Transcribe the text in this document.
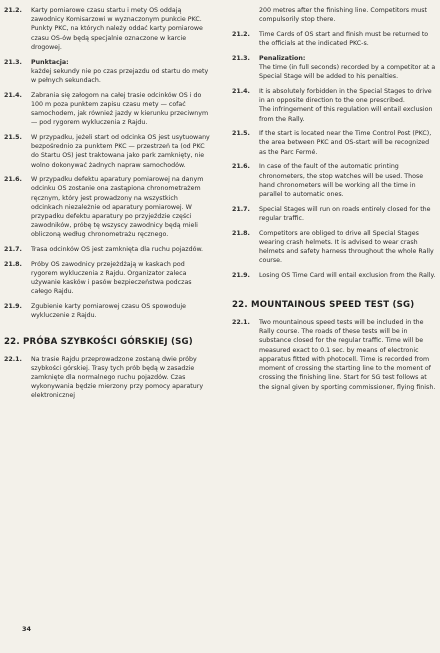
21.2.	Karty pomiarowe czasu startu i mety OS oddają zawodnicy Komisarzowi w wyznaczonym punkcie PKC. Punkty PKC, na których należy oddać karty pomiarowe czasu OS-ów będą specjalnie oznaczone w karcie drogowej.

21.3.	Punktacja:

każdej sekundy nie po czas przejazdu od startu do mety w pełnych sekundach.

21.4.	Zabrania się załogom na całej trasie odcinków OS i do 100 m poza punktem zapisu czasu mety — cofać samochodem, jak również jazdy w kierunku przeciwnym — pod rygorem wykluczenia z Rajdu.

21.5.	W przypadku, jeżeli start od odcinka OS jest usytuowany bezpośrednio za punktem PKC — przestrzeń ta (od PKC do Startu OS) jest traktowana jako park zamknięty, nie wolno dokonywać żadnych napraw samochodów.

21.6.	W przypadku defektu aparatury pomiarowej na danym odcinku OS zostanie ona zastąpiona chronometrażem ręcznym, który jest prowadzony na wszystkich odcinkach niezależnie od aparatury pomiarowej. W przypadku defektu aparatury po przyjeździe części zawodników, próbę tę wszyscy zawodnicy będą mieli obliczoną według chronometrażu ręcznego.

21.7.	Trasa odcinków OS jest zamknięta dla ruchu pojazdów.

21.8.	Próby OS zawodnicy przejeżdżają w kaskach pod rygorem wykluczenia z Rajdu. Organizator zaleca używanie kasków i pasów bezpieczeństwa podczas całego Rajdu.

21.9.	Zgubienie karty pomiarowej czasu OS spowoduje wykluczenie z Rajdu.

22. PRÓBA SZYBKOŚCI GÓRSKIEJ (SG)
22.1.	Na trasie Rajdu przeprowadzone zostaną dwie próby szybkości górskiej. Trasy tych prób będą w zasadzie zamknięte dla normalnego ruchu pojazdów. Czas wykonywania będzie mierzony przy pomocy aparatury elektronicznej

200 metres after the finishing line. Competitors must compulsorily stop there.

21.2.	Time Cards of OS start and finish must be returned to the officials at the indicated PKC-s.

21.3.	Penalization:

The time (in full seconds) recorded by a competitor at a Special Stage will be added to his penalties.

21.4.	It is absolutely forbidden in the Special Stages to drive in an opposite direction to the one prescribed.

The infringement of this regulation will entail exclusion from the Rally.

21.5.	If the start is located near the Time Control Post (PKC), the area between PKC and OS-start will be recognized as the Parc Fermé.

21.6.	In case of the fault of the automatic printing chronometers, the stop watches will be used. Those hand chronometers will be working all the time in parallel to automatic ones.

21.7.	Special Stages will run on roads entirely closed for the regular traffic.

21.8.	Competitors are obliged to drive all Special Stages wearing crash helmets. It is advised to wear crash helmets and safety harness throughout the whole Rally course.

21.9.	Losing OS Time Card will entail exclusion from the Rally.

22. MOUNTAINOUS SPEED TEST (SG)
22.1.	Two mountainous speed tests will be included in the Rally course. The roads of these tests will be in substance closed for the regular traffic. Time will be measured exact to 0.1 sec. by means of electronic apparatus fitted with photocell. Time is recorded from moment of crossing the starting line to the moment of crossing the finishing line. Start for SG test follows at the signal given by sporting commissioner, flying finish.

34
